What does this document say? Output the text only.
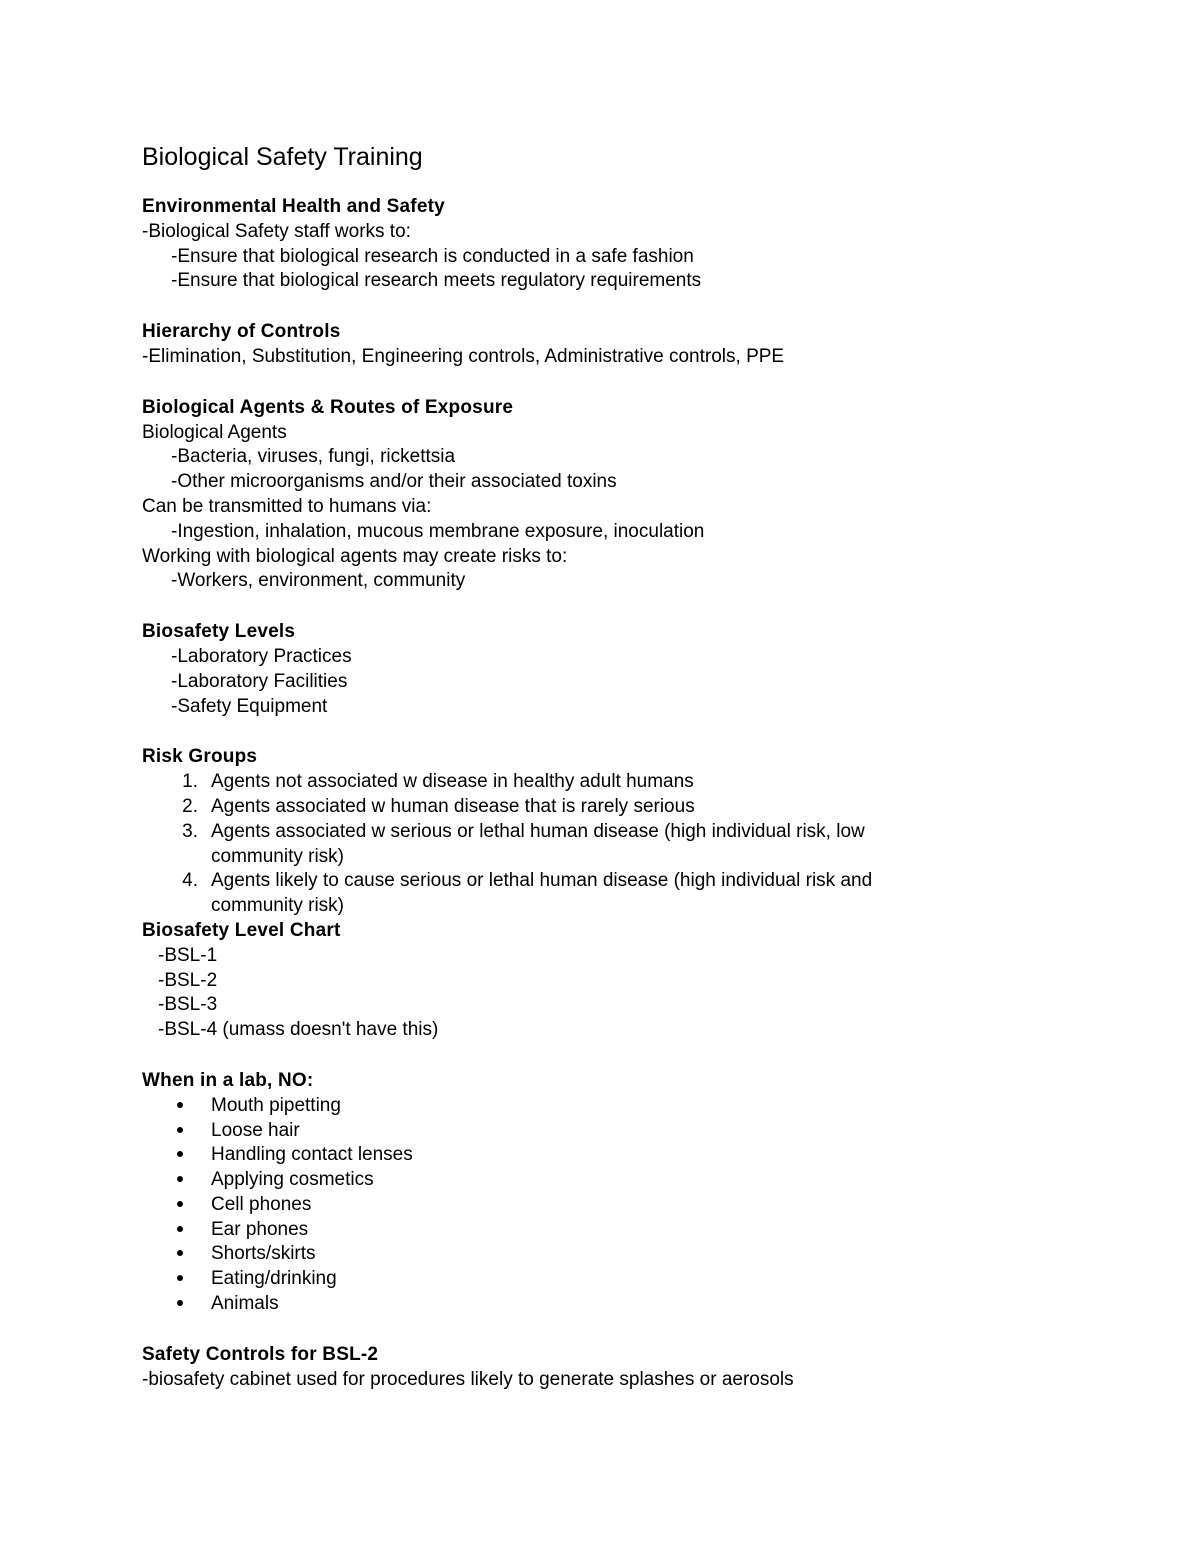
Biological Safety Training
Environmental Health and Safety
-Biological Safety staff works to:
-Ensure that biological research is conducted in a safe fashion
-Ensure that biological research meets regulatory requirements
Hierarchy of Controls
-Elimination, Substitution, Engineering controls, Administrative controls, PPE
Biological Agents & Routes of Exposure
Biological Agents
-Bacteria, viruses, fungi, rickettsia
-Other microorganisms and/or their associated toxins
Can be transmitted to humans via:
-Ingestion, inhalation, mucous membrane exposure, inoculation
Working with biological agents may create risks to:
-Workers, environment, community
Biosafety Levels
-Laboratory Practices
-Laboratory Facilities
-Safety Equipment
Risk Groups
1. Agents not associated w disease in healthy adult humans
2. Agents associated w human disease that is rarely serious
3. Agents associated w serious or lethal human disease (high individual risk, low
community risk)
4. Agents likely to cause serious or lethal human disease (high individual risk and
community risk)
Biosafety Level Chart
-BSL-1
-BSL-2
-BSL-3
-BSL-4 (umass doesn't have this)
When in a lab, NO:
Mouth pipetting
Loose hair
Handling contact lenses
Applying cosmetics
Cell phones
Ear phones
Shorts/skirts
Eating/drinking
Animals
Safety Controls for BSL-2
-biosafety cabinet used for procedures likely to generate splashes or aerosols
